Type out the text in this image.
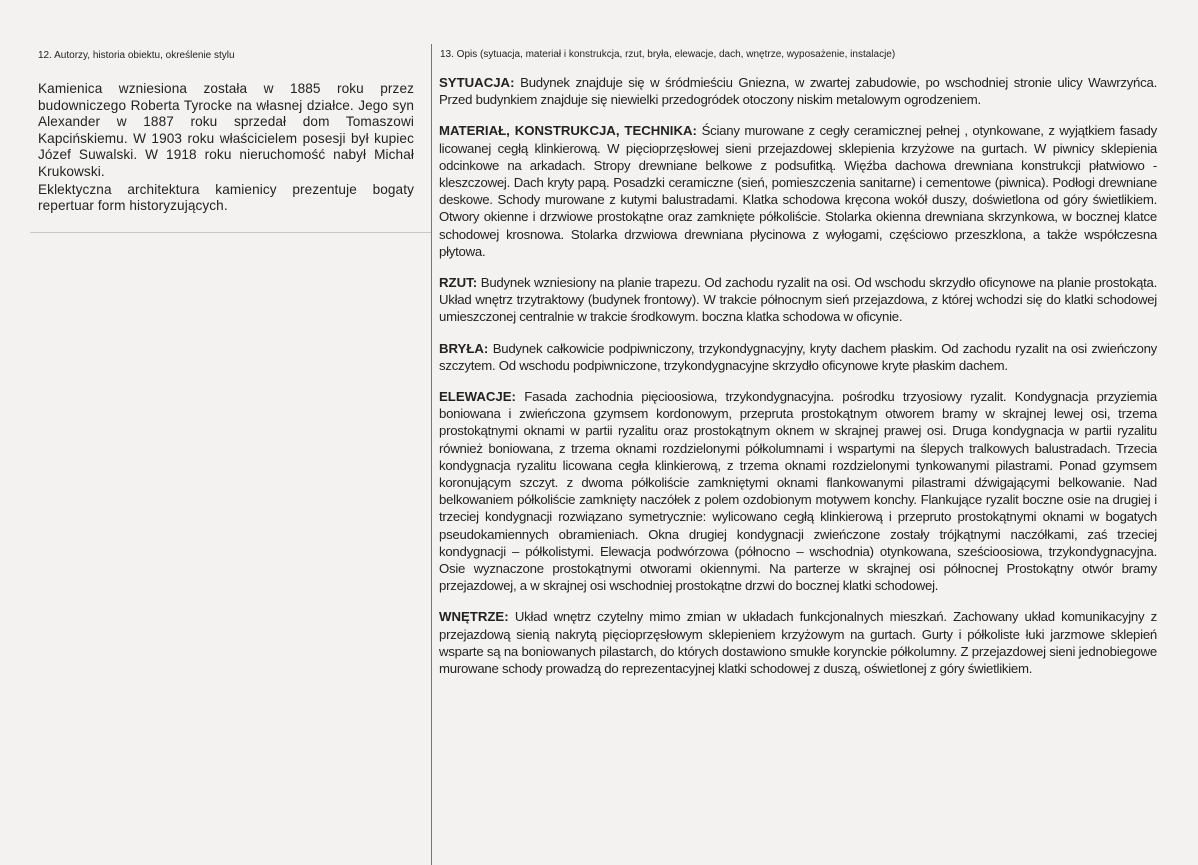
12. Autorzy, historia obiektu, określenie stylu

Kamienica wzniesiona została w 1885 roku przez budowniczego Roberta Tyrocke na własnej działce. Jego syn Alexander w 1887 roku sprzedał dom Tomaszowi Kapcińskiemu. W 1903 roku właścicielem posesji był kupiec Józef Suwalski. W 1918 roku nieruchomość nabył Michał Krukowski.

Eklektyczna architektura kamienicy prezentuje bogaty repertuar form historyzujących.

13. Opis (sytuacja, materiał i konstrukcja, rzut, bryła, elewacje, dach, wnętrze, wyposażenie, instalacje)
SYTUACJA: Budynek znajduje się w śródmieściu Gniezna, w zwartej zabudowie, po wschodniej stronie ulicy Wawrzyńca. Przed budynkiem znajduje się niewielki przedogródek otoczony niskim metalowym ogrodzeniem.
MATERIAŁ, KONSTRUKCJA, TECHNIKA: Ściany murowane z cegły ceramicznej pełnej , otynkowane, z wyjątkiem fasady licowanej cegłą klinkierową. W pięcioprzęsłowej sieni przejazdowej sklepienia krzyżowe na gurtach. W piwnicy sklepienia odcinkowe na arkadach. Stropy drewniane belkowe z podsufitką. Więźba dachowa drewniana konstrukcji płatwiowo - kleszczowej. Dach kryty papą. Posadzki ceramiczne (sień, pomieszczenia sanitarne) i cementowe (piwnica). Podłogi drewniane deskowe. Schody murowane z kutymi balustradami. Klatka schodowa kręcona wokół duszy, doświetlona od góry świetlikiem. Otwory okienne i drzwiowe prostokątne oraz zamknięte półkoliście. Stolarka okienna drewniana skrzynkowa, w bocznej klatce schodowej krosnowa. Stolarka drzwiowa drewniana płycinowa z wyłogami, częściowo przeszklona, a także współczesna płytowa.
RZUT: Budynek wzniesiony na planie trapezu. Od zachodu ryzalit na osi. Od wschodu skrzydło oficynowe na planie prostokąta. Układ wnętrz trzytraktowy (budynek frontowy). W trakcie północnym sień przejazdowa, z której wchodzi się do klatki schodowej umieszczonej centralnie w trakcie środkowym. boczna klatka schodowa w oficynie.
BRYŁA: Budynek całkowicie podpiwniczony, trzykondygnacyjny, kryty dachem płaskim. Od zachodu ryzalit na osi zwieńczony szczytem. Od wschodu podpiwniczone, trzykondygnacyjne skrzydło oficynowe kryte płaskim dachem.
ELEWACJE: Fasada zachodnia pięcioosiowa, trzykondygnacyjna. pośrodku trzyosiowy ryzalit. Kondygnacja przyziemia boniowana i zwieńczona gzymsem kordonowym, przepruta prostokątnym otworem bramy w skrajnej lewej osi, trzema prostokątnymi oknami w partii ryzalitu oraz prostokątnym oknem w skrajnej prawej osi. Druga kondygnacja w partii ryzalitu również boniowana, z trzema oknami rozdzielonymi półkolumnami i wspartymi na ślepych tralkowych balustradach. Trzecia kondygnacja ryzalitu licowana cegła klinkierową, z trzema oknami rozdzielonymi tynkowanymi pilastrami. Ponad gzymsem koronującym szczyt. z dwoma półkoliście zamkniętymi oknami flankowanymi pilastrami dźwigającymi belkowanie. Nad belkowaniem półkoliście zamknięty naczółek z polem ozdobionym motywem konchy. Flankujące ryzalit boczne osie na drugiej i trzeciej kondygnacji rozwiązano symetrycznie: wylicowano cegłą klinkierową i przepruto prostokątnymi oknami w bogatych pseudokamiennych obramieniach. Okna drugiej kondygnacji zwieńczone zostały trójkątnymi naczółkami, zaś trzeciej kondygnacji – półkolistymi. Elewacja podwórzowa (północno – wschodnia) otynkowana, sześcioosiowa, trzykondygnacyjna. Osie wyznaczone prostokątnymi otworami okiennymi. Na parterze w skrajnej osi północnej Prostokątny otwór bramy przejazdowej, a w skrajnej osi wschodniej prostokątne drzwi do bocznej klatki schodowej.
WNĘTRZE: Układ wnętrz czytelny mimo zmian w układach funkcjonalnych mieszkań. Zachowany układ komunikacyjny z przejazdową sienią nakrytą pięcioprzęsłowym sklepieniem krzyżowym na gurtach. Gurty i półkoliste łuki jarzmowe sklepień wsparte są na boniowanych pilastarch, do których dostawiono smukłe korynckie półkolumny. Z przejazdowej sieni jednobiegowe murowane schody prowadzą do reprezentacyjnej klatki schodowej z duszą, oświetlonej z góry świetlikiem.
